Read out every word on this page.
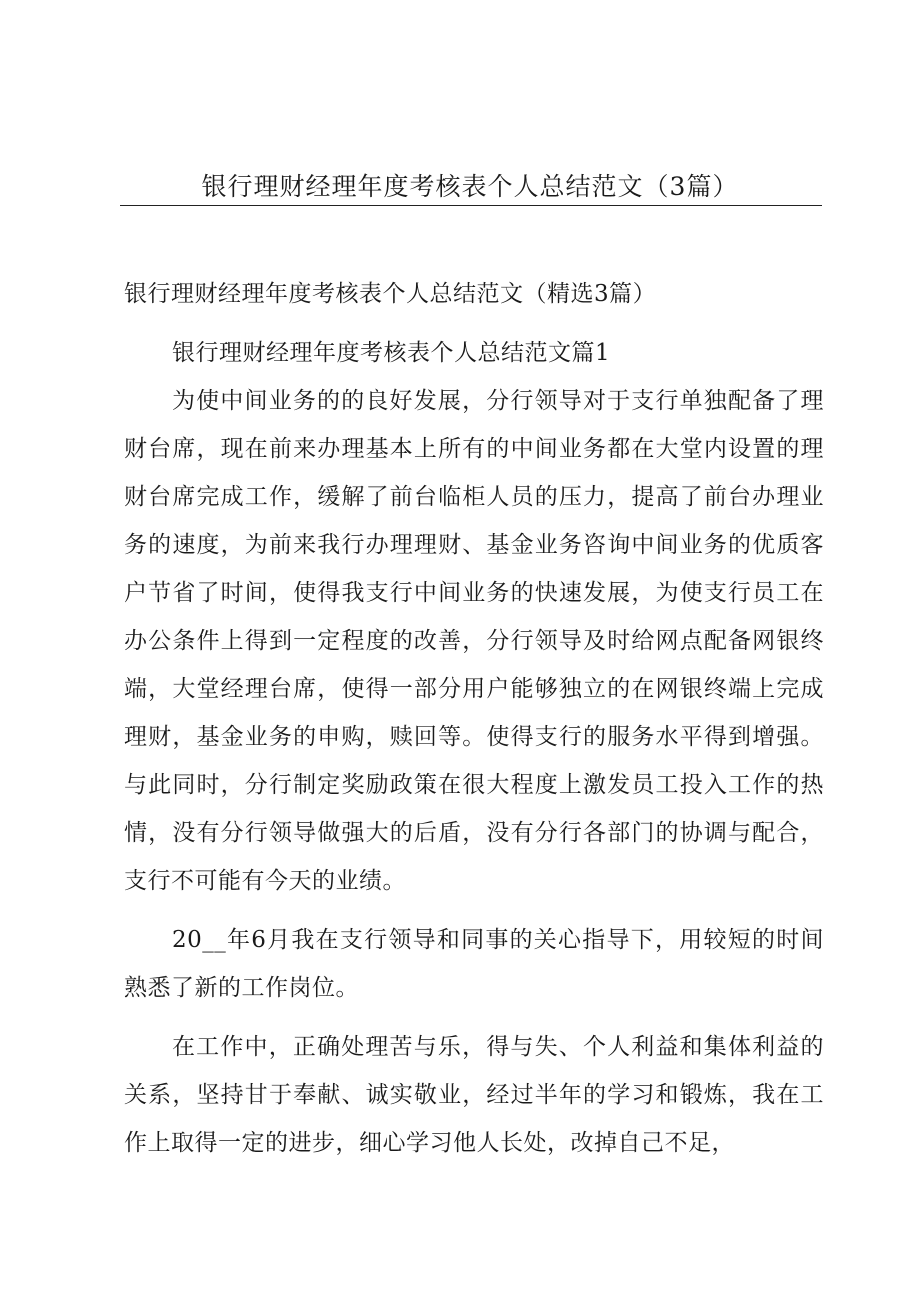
银行理财经理年度考核表个人总结范文（3篇）

银行理财经理年度考核表个人总结范文（精选3篇）

银行理财经理年度考核表个人总结范文篇1

为使中间业务的的良好发展，分行领导对于支行单独配备了理财台席，现在前来办理基本上所有的中间业务都在大堂内设置的理财台席完成工作，缓解了前台临柜人员的压力，提高了前台办理业务的速度，为前来我行办理理财、基金业务咨询中间业务的优质客户节省了时间，使得我支行中间业务的快速发展，为使支行员工在办公条件上得到一定程度的改善，分行领导及时给网点配备网银终端，大堂经理台席，使得一部分用户能够独立的在网银终端上完成理财，基金业务的申购，赎回等。使得支行的服务水平得到增强。与此同时，分行制定奖励政策在很大程度上激发员工投入工作的热情，没有分行领导做强大的后盾，没有分行各部门的协调与配合，支行不可能有今天的业绩。

20__年6月我在支行领导和同事的关心指导下，用较短的时间熟悉了新的工作岗位。

在工作中，正确处理苦与乐，得与失、个人利益和集体利益的关系，坚持甘于奉献、诚实敬业，经过半年的学习和锻炼，我在工作上取得一定的进步，细心学习他人长处，改掉自己不足，
